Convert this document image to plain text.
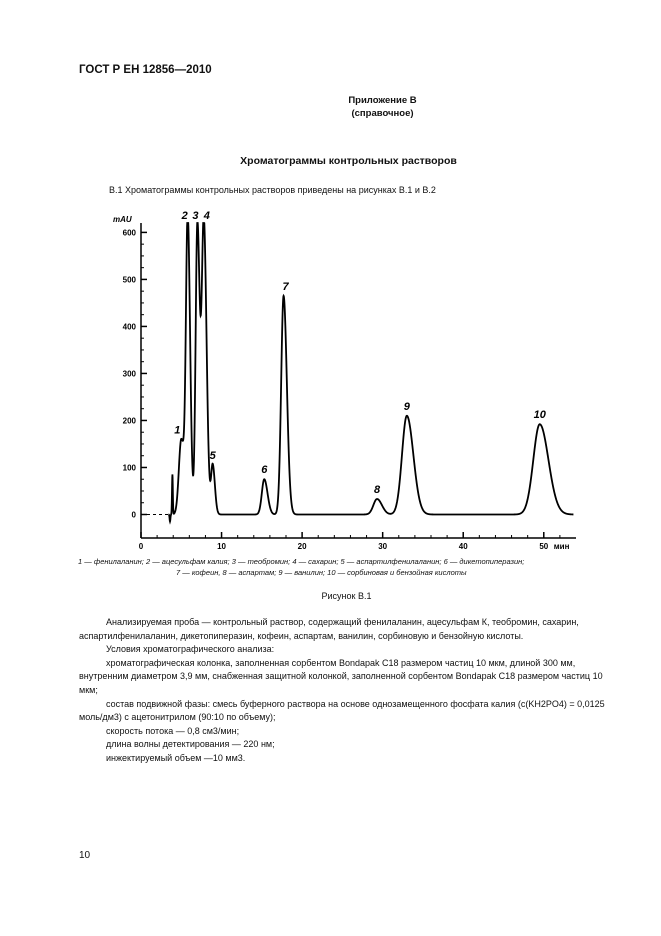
ГОСТ Р ЕН 12856—2010
Приложение В
(справочное)
Хроматограммы контрольных растворов
В.1 Хроматограммы контрольных растворов приведены на рисунках В.1 и В.2
0
100
200
300
400
500
600
0	10	20	30	40	50
mAU
мин
1
2 3 4
5
6
7
8
9
10
1 — фенилаланин; 2 — ацесульфам калия; 3 — теобромин; 4 — сахарин; 5 — аспартилфенилаланин; 6 — дикетопиперазин;
7 — кофеин, 8 — аспартам; 9 — ванилин; 10 — сорбиновая и бензойная кислоты
Рисунок В.1

Анализируемая проба — контрольный раствор, содержащий фенилаланин, ацесульфам К, теобромин, сахарин, аспартилфенилаланин, дикетопиперазин, кофеин, аспартам, ванилин, сорбиновую и бензойную кислоты.

Условия хроматографического анализа:

хроматографическая колонка, заполненная сорбентом Bondapak C18 размером частиц 10 мкм, длиной 300 мм, внутренним диаметром 3,9 мм, снабженная защитной колонкой, заполненной сорбентом Bondapak C18 размером частиц 10 мкм;

состав подвижной фазы: смесь буферного раствора на основе однозамещенного фосфата калия (c(KH2PO4) = 0,0125 моль/дм3) с ацетонитрилом (90:10 по объему);

скорость потока — 0,8 см3/мин;

длина волны детектирования — 220 нм;

инжектируемый объем —10 мм3.

10
